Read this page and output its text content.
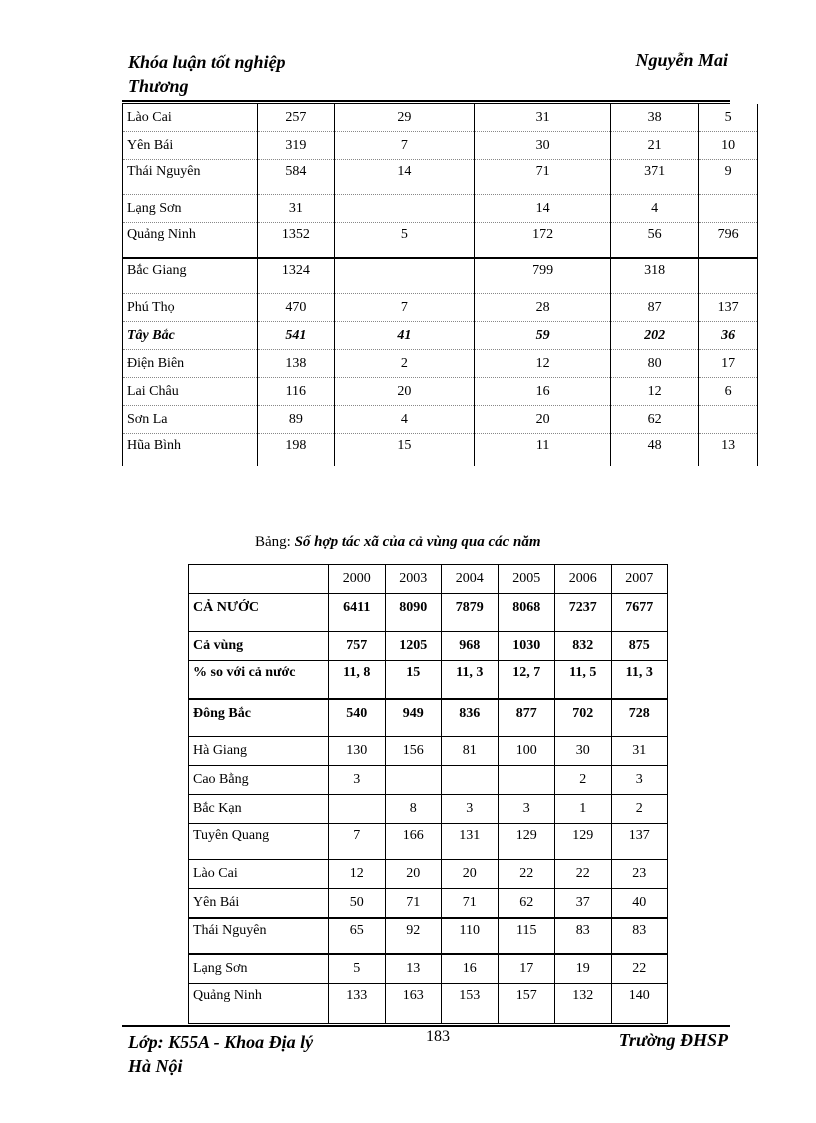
Khóa luận tốt nghiệp
Thương
Nguyễn Mai
Lào Cai	257	29	31	38	5
Yên Bái	319	7	30	21	10
Thái Nguyên	584	14	71	371	9
Lạng Sơn	31		14	4	
Quảng Ninh	1352	5	172	56	796
Bắc Giang	1324		799	318	
Phú Thọ	470	7	28	87	137
Tây Bắc	541	41	59	202	36
Điện Biên	138	2	12	80	17
Lai Châu	116	20	16	12	6
Sơn La	89	4	20	62	
Hũa Bình	198	15	11	48	13
Bảng: Số hợp tác xã của cả vùng qua các năm
	2000	2003	2004	2005	2006	2007
CẢ NƯỚC	6411	8090	7879	8068	7237	7677
Cả vùng	757	1205	968	1030	832	875
% so với cả nước	11, 8	15	11, 3	12, 7	11, 5	11, 3
Đông Bắc	540	949	836	877	702	728
Hà Giang	130	156	81	100	30	31
Cao Bằng	3				2	3
Bắc Kạn		8	3	3	1	2
Tuyên Quang	7	166	131	129	129	137
Lào Cai	12	20	20	22	22	23
Yên Bái	50	71	71	62	37	40
Thái Nguyên	65	92	110	115	83	83
Lạng Sơn	5	13	16	17	19	22
Quảng Ninh	133	163	153	157	132	140
Lớp: K55A - Khoa Địa lý
Hà Nội
183	Trường ĐHSP
